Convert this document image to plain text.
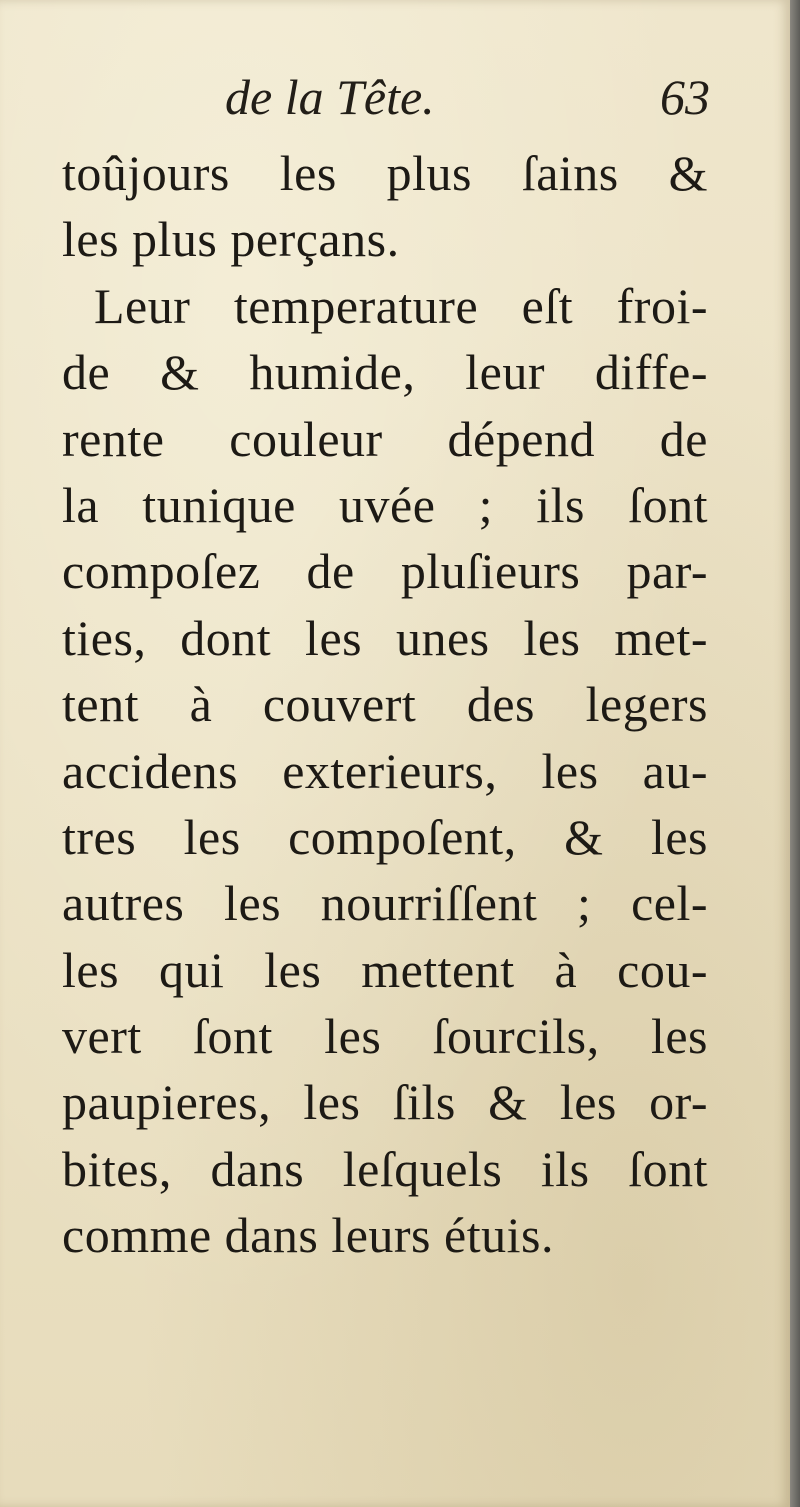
de la Tête.	63
toûjours les plus ſains &
les plus perçans.
Leur temperature eſt froi-
de & humide, leur diffe-
rente couleur dépend de
la tunique uvée ; ils ſont
compoſez de pluſieurs par-
ties, dont les unes les met-
tent à couvert des legers
accidens exterieurs, les au-
tres les compoſent, & les
autres les nourriſſent ; cel-
les qui les mettent à cou-
vert ſont les ſourcils, les
paupieres, les ſils & les or-
bites, dans leſquels ils ſont
comme dans leurs étuis.
